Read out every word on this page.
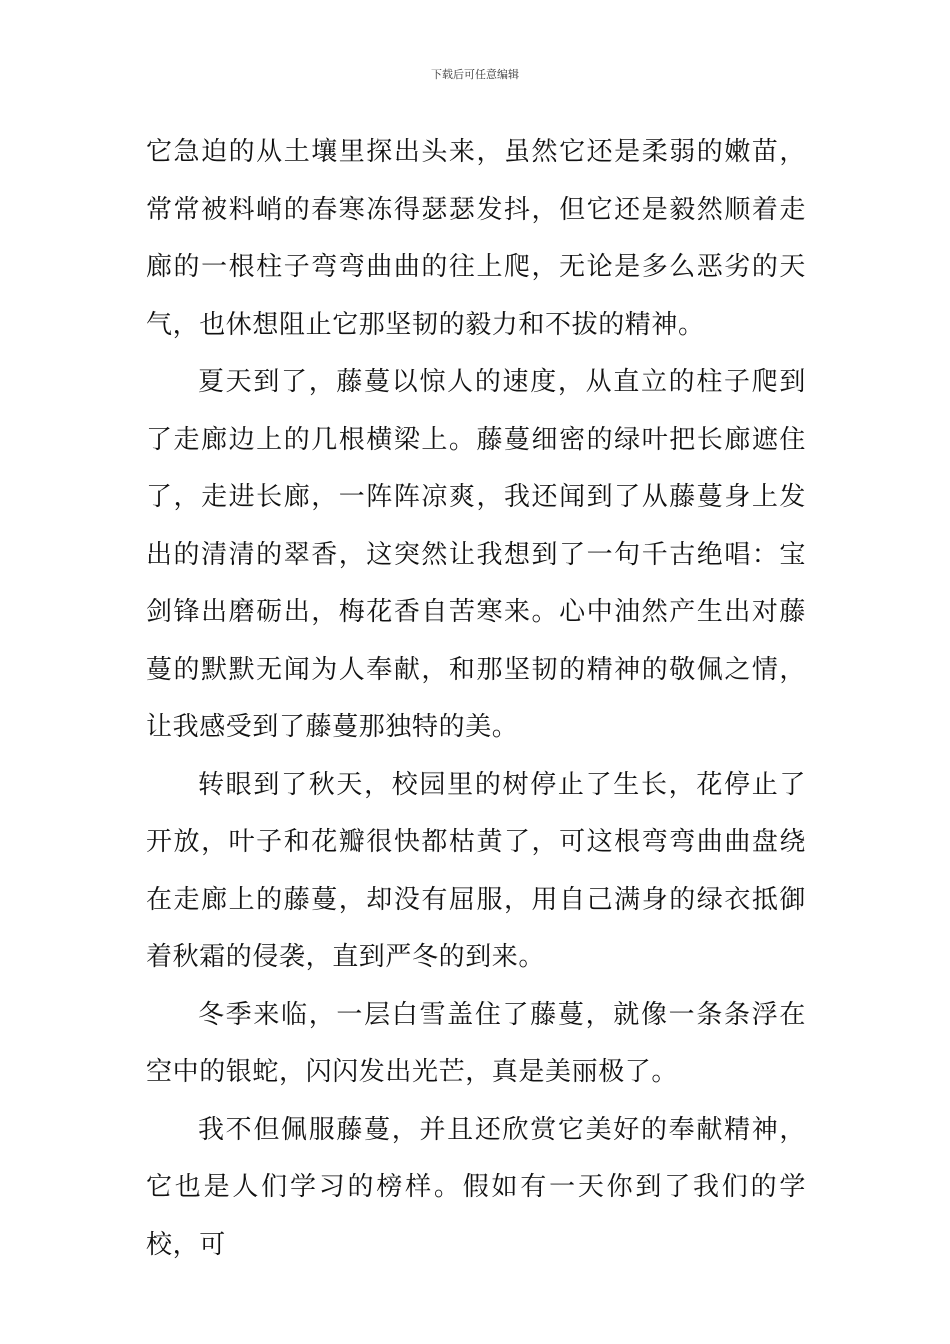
下载后可任意编辑

它急迫的从土壤里探出头来，虽然它还是柔弱的嫩苗，常常被料峭的春寒冻得瑟瑟发抖，但它还是毅然顺着走廊的一根柱子弯弯曲曲的往上爬，无论是多么恶劣的天气，也休想阻止它那坚韧的毅力和不拔的精神。

夏天到了，藤蔓以惊人的速度，从直立的柱子爬到了走廊边上的几根横梁上。藤蔓细密的绿叶把长廊遮住了，走进长廊，一阵阵凉爽，我还闻到了从藤蔓身上发出的清清的翠香，这突然让我想到了一句千古绝唱：宝剑锋出磨砺出，梅花香自苦寒来。心中油然产生出对藤蔓的默默无闻为人奉献，和那坚韧的精神的敬佩之情，让我感受到了藤蔓那独特的美。

转眼到了秋天，校园里的树停止了生长，花停止了开放，叶子和花瓣很快都枯黄了，可这根弯弯曲曲盘绕在走廊上的藤蔓，却没有屈服，用自己满身的绿衣抵御着秋霜的侵袭，直到严冬的到来。

冬季来临，一层白雪盖住了藤蔓，就像一条条浮在空中的银蛇，闪闪发出光芒，真是美丽极了。

我不但佩服藤蔓，并且还欣赏它美好的奉献精神，它也是人们学习的榜样。假如有一天你到了我们的学校，可
